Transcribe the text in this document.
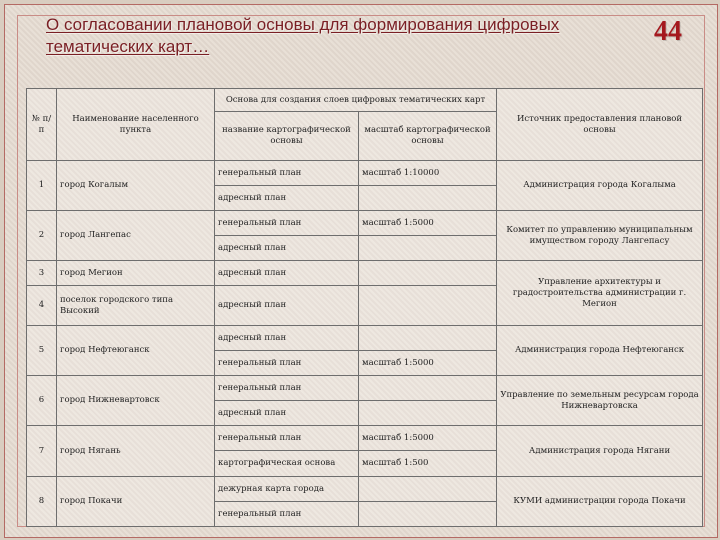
О согласовании плановой основы для формирования цифровых тематических карт…	44
№ п/п	Наименование населенного пункта	Основа для создания слоев цифровых тематических карт		Источник предоставления плановой основы
		название картографической основы	масштаб картографической основы	
1	город Когалым	генеральный план	масштаб 1:10000	Администрация города Когалыма
		адресный план		
2	город Лангепас	генеральный план	масштаб 1:5000	Комитет по управлению муниципальным имуществом городу Лангепасу
		адресный план		
3	город Мегион	адресный план		Управление архитектуры и градостроительства администрации г. Мегион
4	поселок городского типа Высокий	адресный план		
5	город Нефтеюганск	адресный план		Администрация города Нефтеюганск
		генеральный план	масштаб 1:5000	
6	город Нижневартовск	генеральный план		Управление по земельным ресурсам города Нижневартовска
		адресный план		
7	город Нягань	генеральный план	масштаб 1:5000	Администрация города Нягани
		картографическая основа	масштаб 1:500	
8	город Покачи	дежурная карта города		КУМИ администрации города Покачи
		генеральный план		
